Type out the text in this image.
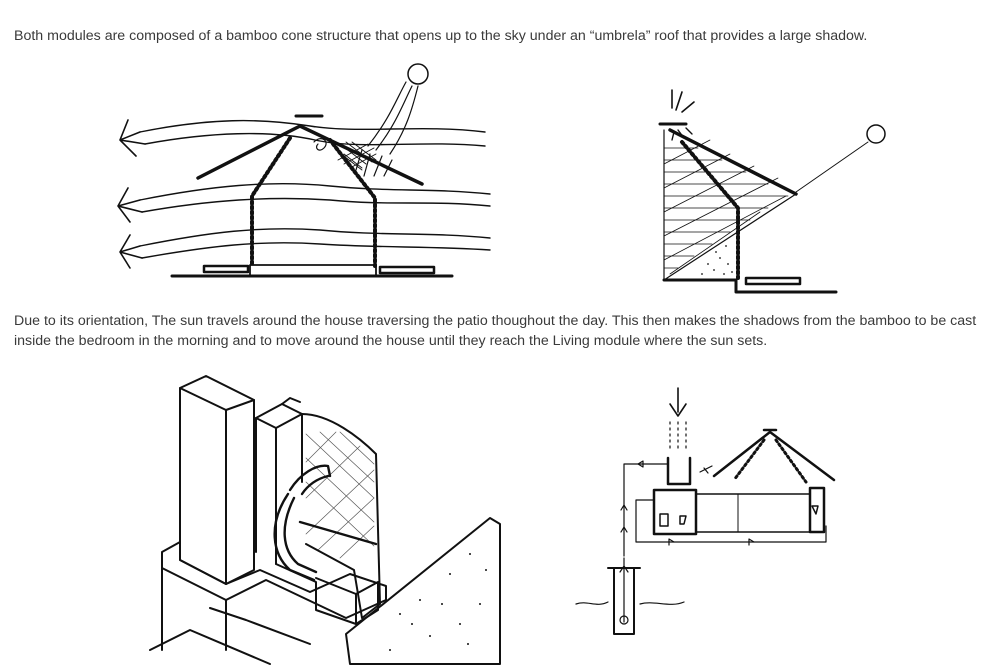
Both modules are composed of a bamboo cone structure that opens up to the sky under an “umbrela” roof that provides a large shadow.

Due to its orientation, The sun travels around the house traversing the patio thoughout the day. This then makes the shadows from the bamboo to be cast inside the bedroom in the morning and to move around the house until they reach the Living module where the sun sets.
